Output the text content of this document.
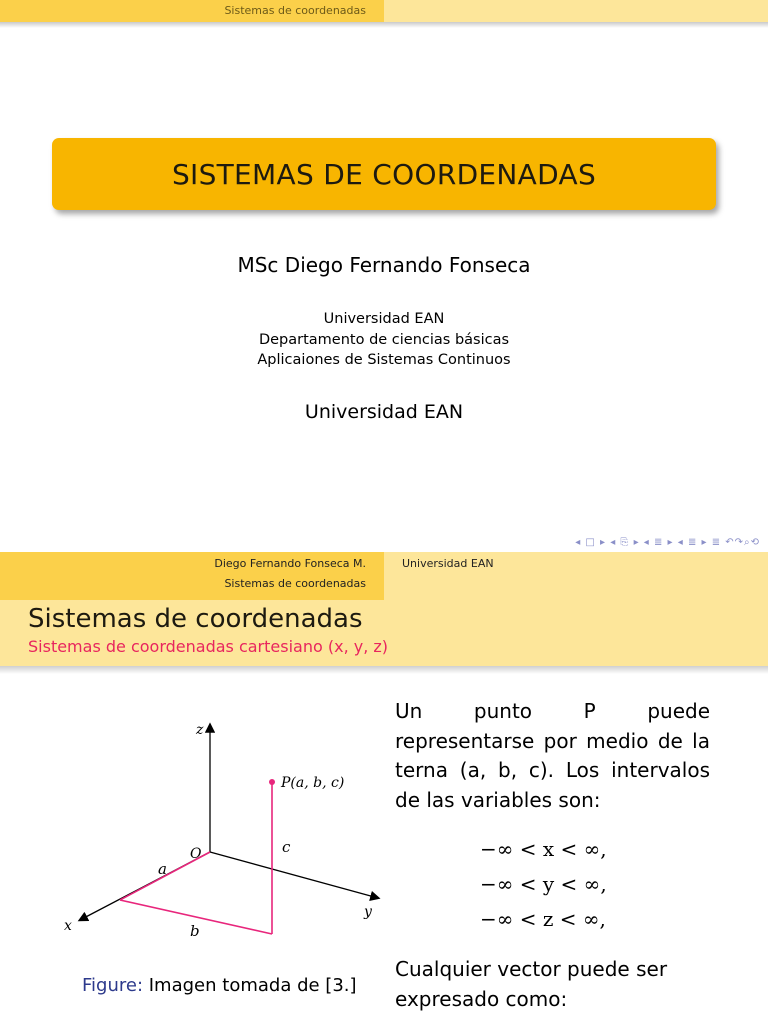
Sistemas de coordenadas
SISTEMAS DE COORDENADAS
MSc Diego Fernando Fonseca
Universidad EAN
Departamento de ciencias básicas
Aplicaiones de Sistemas Continuos
Universidad EAN
◂ □ ▸ ◂ ⎘ ▸ ◂ ≣ ▸ ◂ ≣ ▸ ≣ ↶↷⌕⟲
Diego Fernando Fonseca M.
Sistemas de coordenadas
Universidad EAN
Sistemas de coordenadas
Sistemas de coordenadas cartesiano (x, y, z)
z
y
x
O
P(a, b, c)
a
b
c
Figure: Imagen tomada de [3.]
Un punto P puede representarse por medio de la terna (a, b, c). Los intervalos de las variables son:
−∞ < x < ∞,
−∞ < y < ∞,
−∞ < z < ∞,
Cualquier vector puede ser expresado como:
